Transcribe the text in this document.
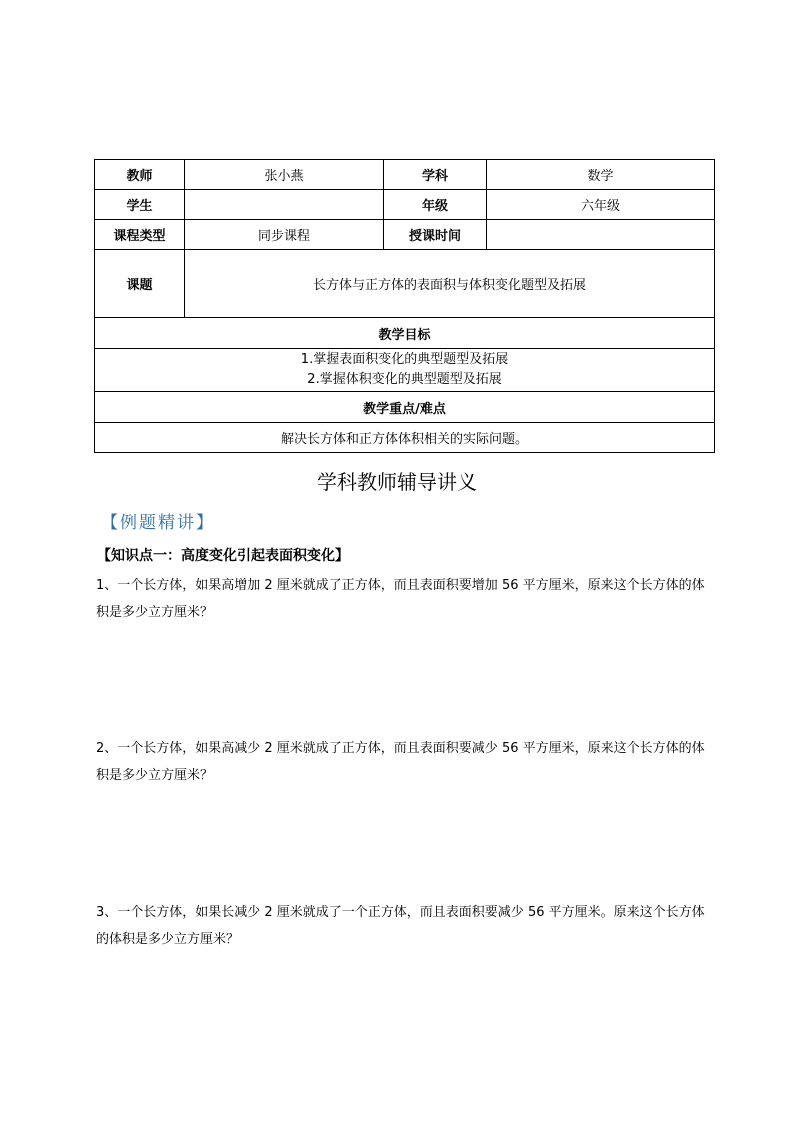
教师	张小燕	学科	数学
学生		年级	六年级
课程类型	同步课程	授课时间	
课题	长方体与正方体的表面积与体积变化题型及拓展		
教学目标			

1.掌握表面积变化的典型题型及拓展
2.掌握体积变化的典型题型及拓展			

教学重点/难点			
解决长方体和正方体体积相关的实际问题。			
学科教师辅导讲义
【例题精讲】
【知识点一：高度变化引起表面积变化】
1、一个长方体，如果高增加 2 厘米就成了正方体，而且表面积要增加 56 平方厘米，原来这个长方体的体积是多少立方厘米？
2、一个长方体，如果高减少 2 厘米就成了正方体，而且表面积要减少 56 平方厘米，原来这个长方体的体积是多少立方厘米？
3、一个长方体，如果长减少 2 厘米就成了一个正方体，而且表面积要减少 56 平方厘米。原来这个长方体的体积是多少立方厘米？
